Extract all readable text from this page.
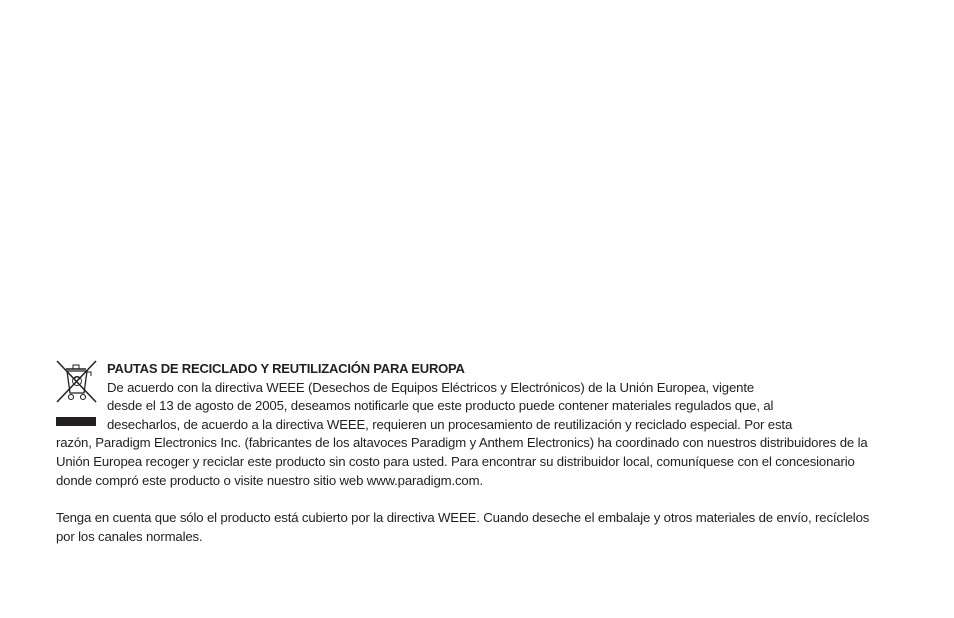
PAUTAS DE RECICLADO Y REUTILIZACIÓN PARA EUROPA

De acuerdo con la directiva WEEE (Desechos de Equipos Eléctricos y Electrónicos) de la Unión Europea, vigente
desde el 13 de agosto de 2005, deseamos notificarle que este producto puede contener materiales regulados que, al
desecharlos, de acuerdo a la directiva WEEE, requieren un procesamiento de reutilización y reciclado especial. Por esta
razón, Paradigm Electronics Inc. (fabricantes de los altavoces Paradigm y Anthem Electronics) ha coordinado con nuestros distribuidores de la Unión Europea recoger y reciclar este producto sin costo para usted. Para encontrar su distribuidor local, comuníquese con el concesionario donde compró este producto o visite nuestro sitio web www.paradigm.com.

Tenga en cuenta que sólo el producto está cubierto por la directiva WEEE. Cuando deseche el embalaje y otros materiales de envío, recíclelos por los canales normales.
